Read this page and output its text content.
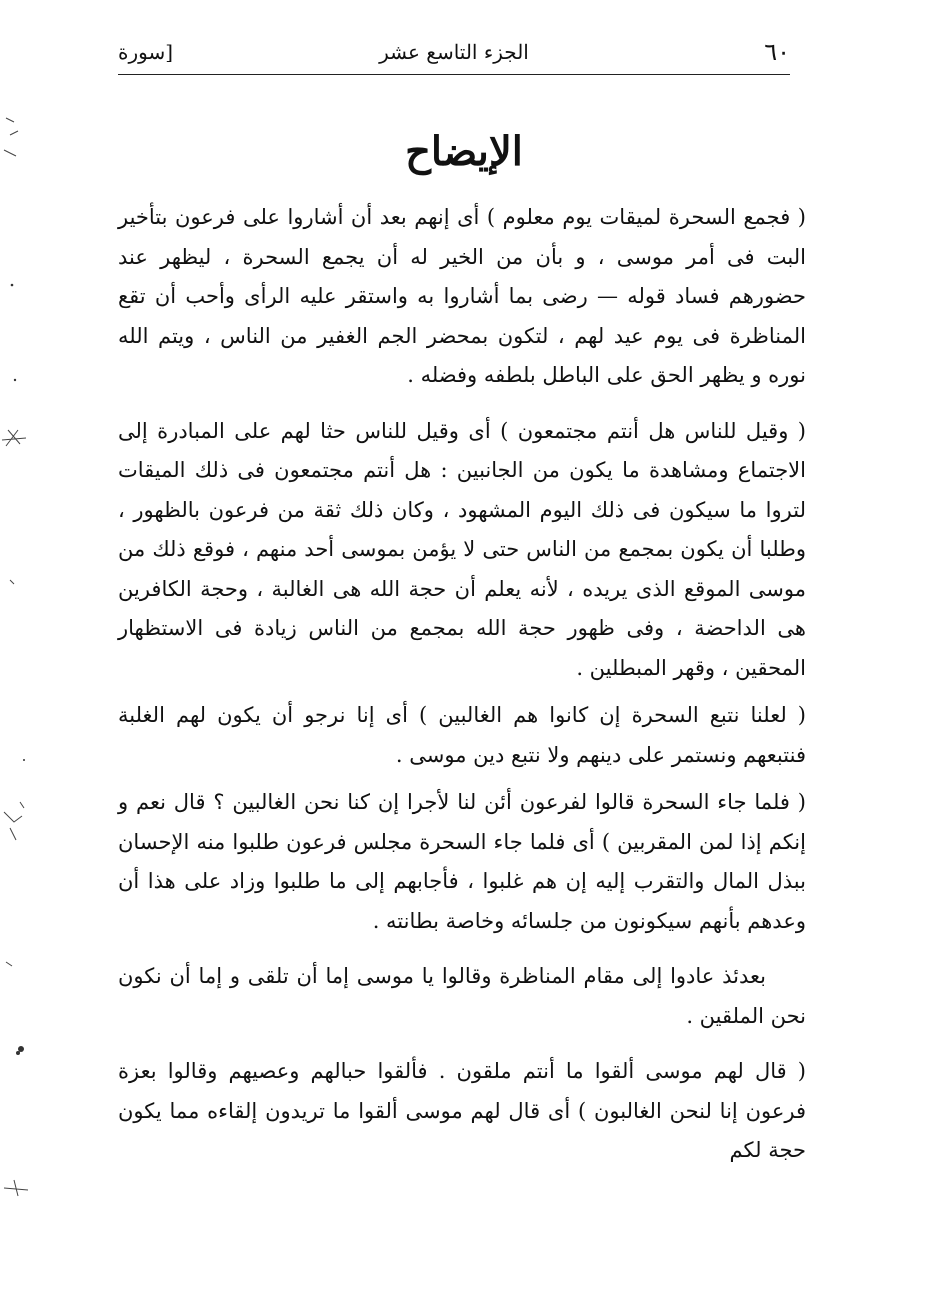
٦٠
الجزء التاسع عشر
[سورة
الإيضاح

( فجمع السحرة لميقات يوم معلوم ) أى إنهم بعد أن أشاروا على فرعون بتأخير البت فى أمر موسى ، و بأن من الخير له أن يجمع السحرة ، ليظهر عند حضورهم فساد قوله — رضى بما أشاروا به واستقر عليه الرأى وأحب أن تقع المناظرة فى يوم عيد لهم ، لتكون بمحضر الجم الغفير من الناس ، ويتم الله نوره و يظهر الحق على الباطل بلطفه وفضله .

( وقيل للناس هل أنتم مجتمعون ) أى وقيل للناس حثا لهم على المبادرة إلى الاجتماع ومشاهدة ما يكون من الجانبين : هل أنتم مجتمعون فى ذلك الميقات لتروا ما سيكون فى ذلك اليوم المشهود ، وكان ذلك ثقة من فرعون بالظهور ، وطلبا أن يكون بمجمع من الناس حتى لا يؤمن بموسى أحد منهم ، فوقع ذلك من موسى الموقع الذى يريده ، لأنه يعلم أن حجة الله هى الغالبة ، وحجة الكافرين هى الداحضة ، وفى ظهور حجة الله بمجمع من الناس زيادة فى الاستظهار المحقين ، وقهر المبطلين .

( لعلنا نتبع السحرة إن كانوا هم الغالبين ) أى إنا نرجو أن يكون لهم الغلبة فنتبعهم ونستمر على دينهم ولا نتبع دين موسى .

( فلما جاء السحرة قالوا لفرعون أئن لنا لأجرا إن كنا نحن الغالبين ؟ قال نعم و إنكم إذا لمن المقربين ) أى فلما جاء السحرة مجلس فرعون طلبوا منه الإحسان ببذل المال والتقرب إليه إن هم غلبوا ، فأجابهم إلى ما طلبوا وزاد على هذا أن وعدهم بأنهم سيكونون من جلسائه وخاصة بطانته .

بعدئذ عادوا إلى مقام المناظرة وقالوا يا موسى إما أن تلقى و إما أن نكون نحن الملقين .

( قال لهم موسى ألقوا ما أنتم ملقون . فألقوا حبالهم وعصيهم وقالوا بعزة فرعون إنا لنحن الغالبون ) أى قال لهم موسى ألقوا ما تريدون إلقاءه مما يكون حجة لكم
